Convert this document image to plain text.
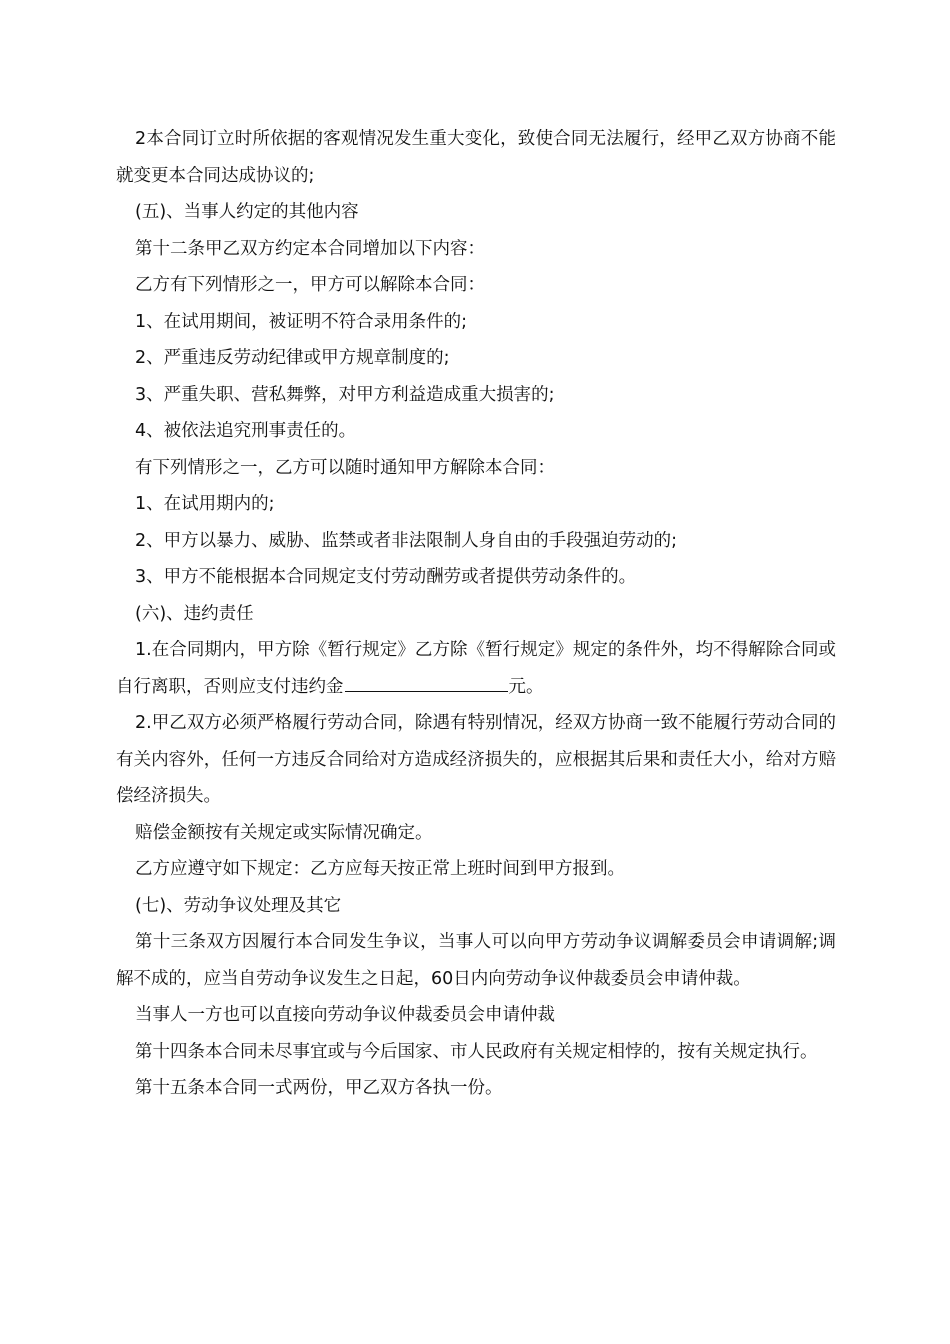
2本合同订立时所依据的客观情况发生重大变化，致使合同无法履行，经甲乙双方协商不能就变更本合同达成协议的;

(五)、当事人约定的其他内容

第十二条甲乙双方约定本合同增加以下内容：

乙方有下列情形之一，甲方可以解除本合同：

1、在试用期间，被证明不符合录用条件的;

2、严重违反劳动纪律或甲方规章制度的;

3、严重失职、营私舞弊，对甲方利益造成重大损害的;

4、被依法追究刑事责任的。

有下列情形之一，乙方可以随时通知甲方解除本合同：

1、在试用期内的;

2、甲方以暴力、威胁、监禁或者非法限制人身自由的手段强迫劳动的;

3、甲方不能根据本合同规定支付劳动酬劳或者提供劳动条件的。

(六)、违约责任

1.在合同期内，甲方除《暂行规定》乙方除《暂行规定》规定的条件外，均不得解除合同或自行离职，否则应支付违约金	元。

2.甲乙双方必须严格履行劳动合同，除遇有特别情况，经双方协商一致不能履行劳动合同的有关内容外，任何一方违反合同给对方造成经济损失的，应根据其后果和责任大小，给对方赔偿经济损失。

赔偿金额按有关规定或实际情况确定。

乙方应遵守如下规定：乙方应每天按正常上班时间到甲方报到。

(七)、劳动争议处理及其它

第十三条双方因履行本合同发生争议，当事人可以向甲方劳动争议调解委员会申请调解;调解不成的，应当自劳动争议发生之日起，60日内向劳动争议仲裁委员会申请仲裁。

当事人一方也可以直接向劳动争议仲裁委员会申请仲裁

第十四条本合同未尽事宜或与今后国家、市人民政府有关规定相悖的，按有关规定执行。

第十五条本合同一式两份，甲乙双方各执一份。
